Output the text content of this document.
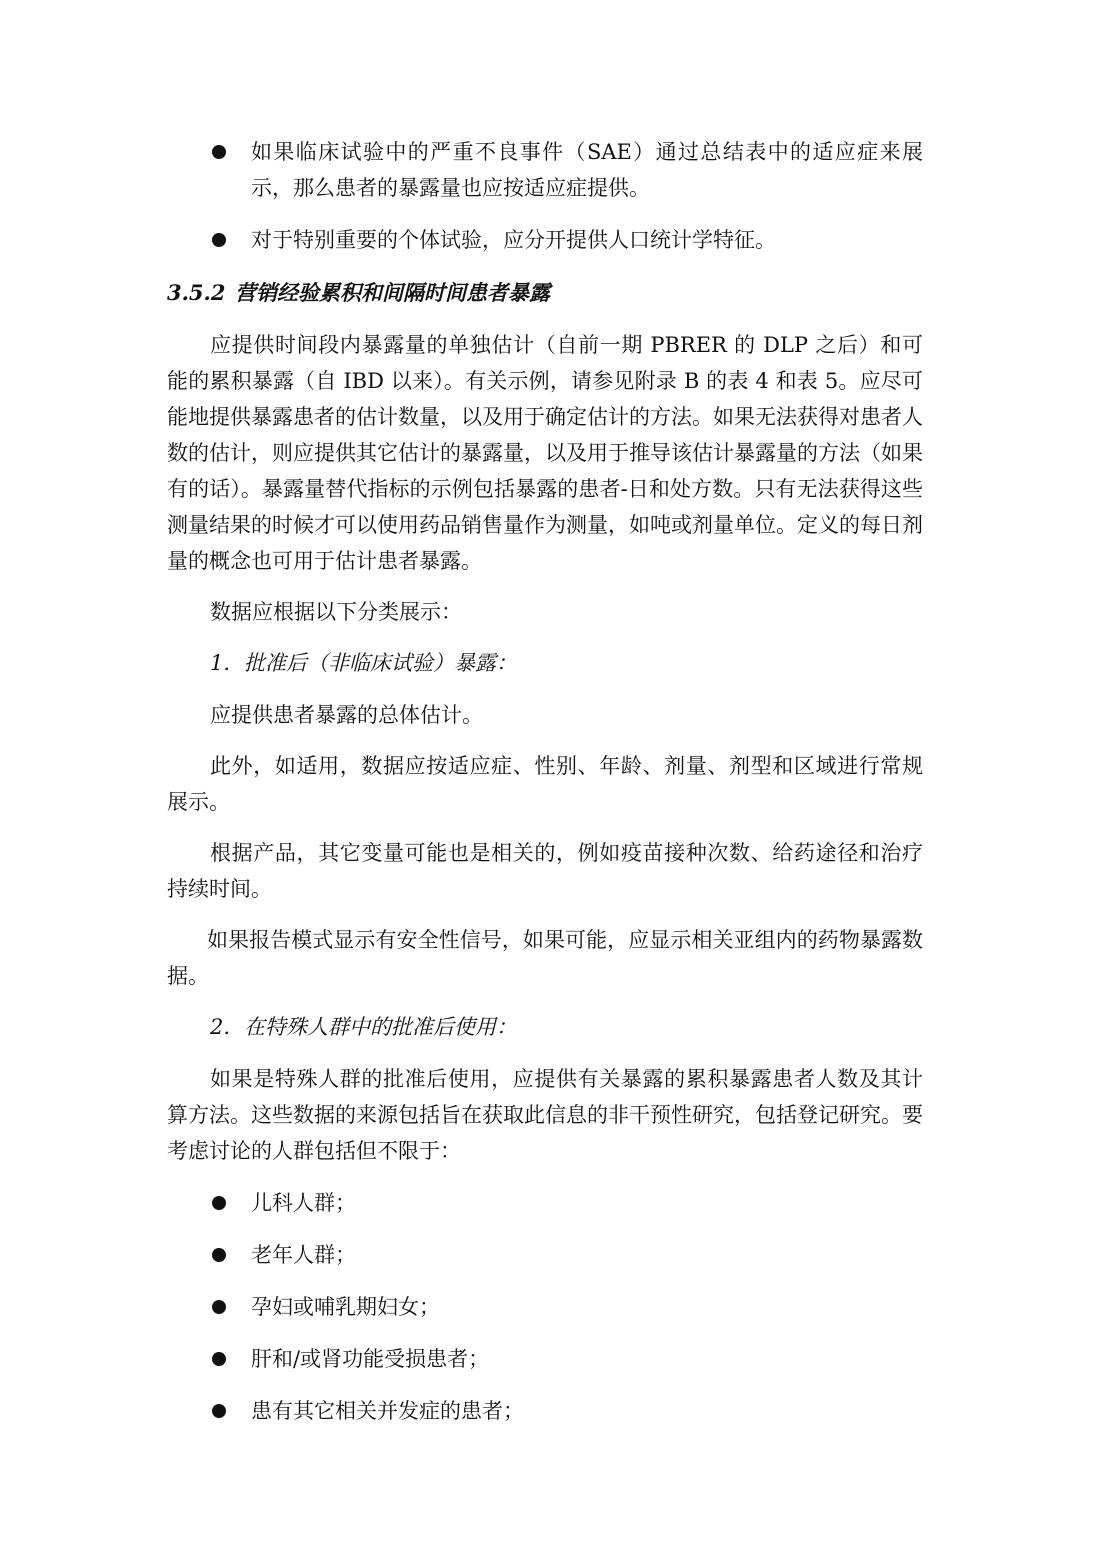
如果临床试验中的严重不良事件（SAE）通过总结表中的适应症来展示，那么患者的暴露量也应按适应症提供。
对于特别重要的个体试验，应分开提供人口统计学特征。
3.5.2 营销经验累积和间隔时间患者暴露

应提供时间段内暴露量的单独估计（自前一期 PBRER 的 DLP 之后）和可能的累积暴露（自 IBD 以来）。有关示例，请参见附录 B 的表 4 和表 5。应尽可能地提供暴露患者的估计数量，以及用于确定估计的方法。如果无法获得对患者人数的估计，则应提供其它估计的暴露量，以及用于推导该估计暴露量的方法（如果有的话）。暴露量替代指标的示例包括暴露的患者-日和处方数。只有无法获得这些测量结果的时候才可以使用药品销售量作为测量，如吨或剂量单位。定义的每日剂量的概念也可用于估计患者暴露。

数据应根据以下分类展示：

1. 批准后（非临床试验）暴露：

应提供患者暴露的总体估计。

此外，如适用，数据应按适应症、性别、年龄、剂量、剂型和区域进行常规展示。

根据产品，其它变量可能也是相关的，例如疫苗接种次数、给药途径和治疗持续时间。

如果报告模式显示有安全性信号，如果可能，应显示相关亚组内的药物暴露数据。

2. 在特殊人群中的批准后使用：

如果是特殊人群的批准后使用，应提供有关暴露的累积暴露患者人数及其计算方法。这些数据的来源包括旨在获取此信息的非干预性研究，包括登记研究。要考虑讨论的人群包括但不限于：

儿科人群；
老年人群；
孕妇或哺乳期妇女；
肝和/或肾功能受损患者；
患有其它相关并发症的患者；
